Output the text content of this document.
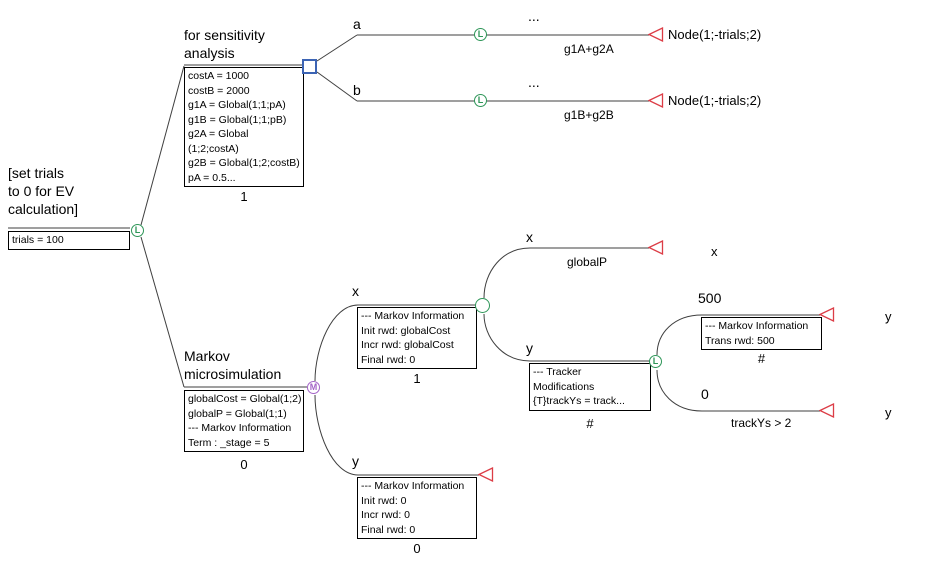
[set trials
to 0 for EV
calculation]
trials = 100
L
for sensitivity
analysis
costA = 1000
costB = 2000
g1A = Global(1;1;pA)
g1B = Global(1;1;pB)
g2A = Global
(1;2;costA)
g2B = Global(1;2;costB)
pA = 0.5...
1
a
L
...
g1A+g2A
Node(1;-trials;2)
b
L
...
g1B+g2B
Node(1;-trials;2)
Markov
microsimulation
globalCost = Global(1;2)
globalP = Global(1;1)
--- Markov Information
Term : _stage = 5
0
M
x
--- Markov Information
Init rwd: globalCost
Incr rwd: globalCost
Final rwd: 0
1
y
--- Markov Information
Init rwd: 0
Incr rwd: 0
Final rwd: 0
0
x
globalP
x
y
--- Tracker
Modifications
{T}trackYs = track...
#
L
500
--- Markov Information
Trans rwd: 500
#
y
0
trackYs > 2
y
